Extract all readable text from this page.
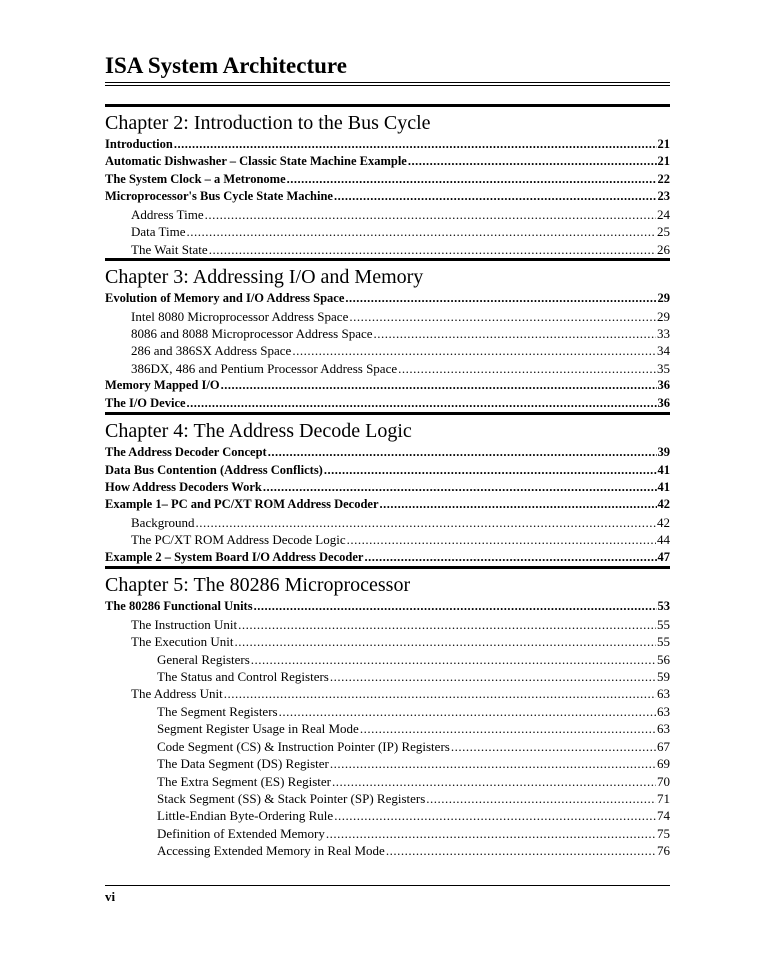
ISA System Architecture
Chapter 2: Introduction to the Bus Cycle
Introduction .....	21
Automatic Dishwasher – Classic State Machine Example .....	21
The System Clock – a Metronome .....	22
Microprocessor's Bus Cycle State Machine .....	23
Address Time .....	24
Data Time .....	25
The Wait State .....	26
Chapter 3: Addressing I/O and Memory
Evolution of Memory and I/O Address Space .....	29
Intel 8080 Microprocessor Address Space .....	29
8086 and 8088 Microprocessor Address Space .....	33
286 and 386SX Address Space .....	34
386DX, 486 and Pentium Processor Address Space .....	35
Memory Mapped I/O .....	36
The I/O Device .....	36
Chapter 4: The Address Decode Logic
The Address Decoder Concept .....	39
Data Bus Contention (Address Conflicts) .....	41
How Address Decoders Work .....	41
Example 1– PC and PC/XT ROM Address Decoder .....	42
Background .....	42
The PC/XT ROM Address Decode Logic .....	44
Example 2 – System Board I/O Address Decoder .....	47
Chapter 5: The 80286 Microprocessor
The 80286 Functional Units .....	53
The Instruction Unit .....	55
The Execution Unit .....	55
General Registers .....	56
The Status and Control Registers .....	59
The Address Unit .....	63
The Segment Registers .....	63
Segment Register Usage in Real Mode .....	63
Code Segment (CS) & Instruction Pointer (IP) Registers .....	67
The Data Segment (DS) Register .....	69
The Extra Segment (ES) Register .....	70
Stack Segment (SS) & Stack Pointer (SP) Registers .....	71
Little-Endian Byte-Ordering Rule .....	74
Definition of Extended Memory .....	75
Accessing Extended Memory in Real Mode .....	76
vi
